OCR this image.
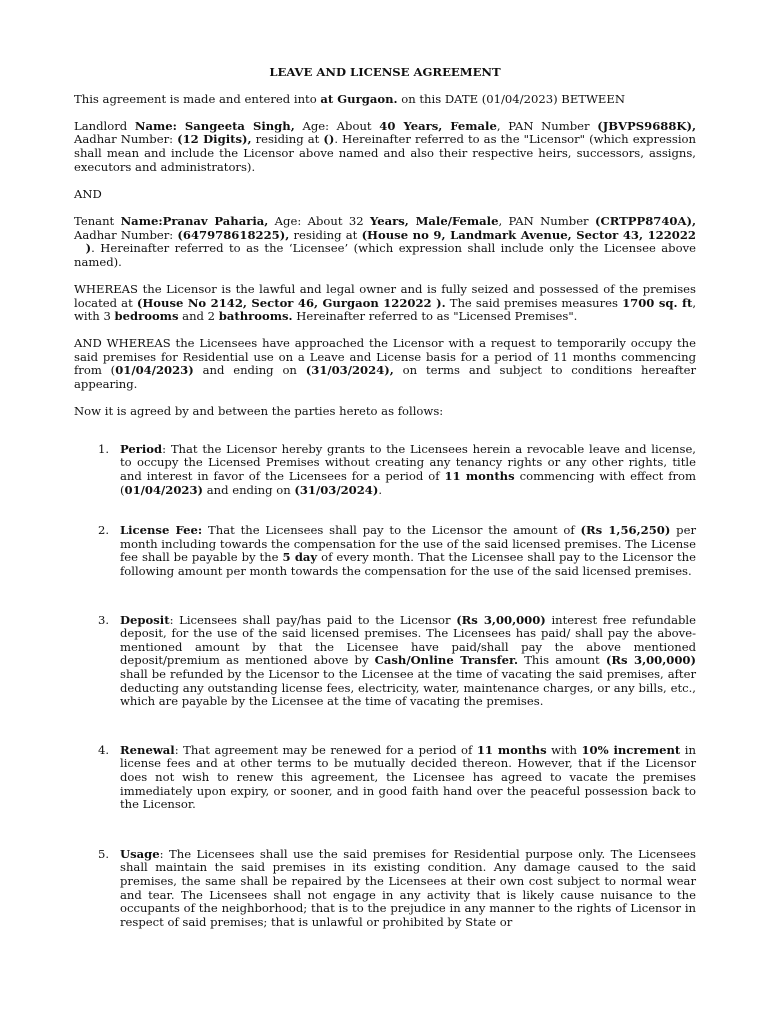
LEAVE AND LICENSE AGREEMENT

This agreement is made and entered into at Gurgaon. on this DATE (01/04/2023) BETWEEN

Landlord Name: Sangeeta Singh, Age: About 40 Years, Female, PAN Number (JBVPS9688K), Aadhar Number: (12 Digits), residing at (). Hereinafter referred to as the "Licensor" (which expression shall mean and include the Licensor above named and also their respective heirs, successors, assigns, executors and administrators).

AND

Tenant Name:Pranav Paharia, Age: About 32 Years, Male/Female, PAN Number (CRTPP8740A), Aadhar Number: (647978618225), residing at (House no 9, Landmark Avenue, Sector 43, 122022   ). Hereinafter referred to as the ‘Licensee’ (which expression shall include only the Licensee above named).

WHEREAS the Licensor is the lawful and legal owner and is fully seized and possessed of the premises located at (House No 2142, Sector 46, Gurgaon 122022 ). The said premises measures 1700 sq. ft, with 3 bedrooms and 2 bathrooms. Hereinafter referred to as "Licensed Premises".

AND WHEREAS the Licensees have approached the Licensor with a request to temporarily occupy the said premises for Residential use on a Leave and License basis for a period of 11 months commencing from (01/04/2023) and ending on (31/03/2024), on terms and subject to conditions hereafter appearing.

Now it is agreed by and between the parties hereto as follows:

1. Period: That the Licensor hereby grants to the Licensees herein a revocable leave and license, to occupy the Licensed Premises without creating any tenancy rights or any other rights, title and interest in favor of the Licensees for a period of 11 months commencing with effect from (01/04/2023) and ending on (31/03/2024).
2. License Fee: That the Licensees shall pay to the Licensor the amount of (Rs 1,56,250) per month including towards the compensation for the use of the said licensed premises. The License fee shall be payable by the 5 day of every month. That the Licensee shall pay to the Licensor the following amount per month towards the compensation for the use of the said licensed premises.
3. Deposit: Licensees shall pay/has paid to the Licensor (Rs 3,00,000) interest free refundable deposit, for the use of the said licensed premises. The Licensees has paid/ shall pay the above-mentioned amount by that the Licensee have paid/shall pay the above mentioned deposit/premium as mentioned above by Cash/Online Transfer. This amount (Rs 3,00,000) shall be refunded by the Licensor to the Licensee at the time of vacating the said premises, after deducting any outstanding license fees, electricity, water, maintenance charges, or any bills, etc., which are payable by the Licensee at the time of vacating the premises.
4. Renewal: That agreement may be renewed for a period of 11 months with 10% increment in license fees and at other terms to be mutually decided thereon. However, that if the Licensor does not wish to renew this agreement, the Licensee has agreed to vacate the premises immediately upon expiry, or sooner, and in good faith hand over the peaceful possession back to the Licensor.
5. Usage: The Licensees shall use the said premises for Residential purpose only. The Licensees shall maintain the said premises in its existing condition. Any damage caused to the said premises, the same shall be repaired by the Licensees at their own cost subject to normal wear and tear. The Licensees shall not engage in any activity that is likely cause nuisance to the occupants of the neighborhood; that is to the prejudice in any manner to the rights of Licensor in respect of said premises; that is unlawful or prohibited by State or
